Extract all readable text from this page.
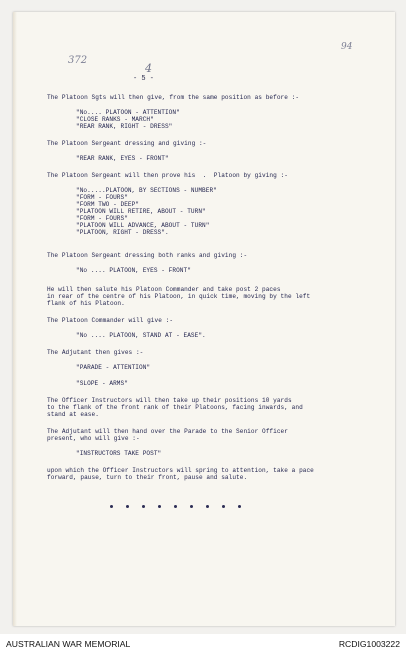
372
94
4
- 5 -
The Platoon Sgts will then give, from the same position as before :-
"No.... PLATOON - ATTENTION"
"CLOSE RANKS - MARCH"
"REAR RANK, RIGHT - DRESS"
The Platoon Sergeant dressing and giving :-
"REAR RANK, EYES - FRONT"
The Platoon Sergeant will then prove his  .  Platoon by giving :-
"No.....PLATOON, BY SECTIONS - NUMBER"
"FORM - FOURS"
"FORM TWO - DEEP"
"PLATOON WILL RETIRE, ABOUT - TURN"
"FORM - FOURS"
"PLATOON WILL ADVANCE, ABOUT - TURN"
"PLATOON, RIGHT - DRESS".
The Platoon Sergeant dressing both ranks and giving :-
"No .... PLATOON, EYES - FRONT"
He will then salute his Platoon Commander and take post 2 paces
in rear of the centre of his Platoon, in quick time, moving by the left
flank of his Platoon.
The Platoon Commander will give :-
"No .... PLATOON, STAND AT - EASE".
The Adjutant then gives :-
"PARADE - ATTENTION"
"SLOPE - ARMS"
The Officer Instructors will then take up their positions 10 yards
to the flank of the front rank of their Platoons, facing inwards, and
stand at ease.
The Adjutant will then hand over the Parade to the Senior Officer
present, who will give :-
"INSTRUCTORS TAKE POST"
upon which the Officer Instructors will spring to attention, take a pace
forward, pause, turn to their front, pause and salute.
AUSTRALIAN WAR MEMORIAL	RCDIG1003222
